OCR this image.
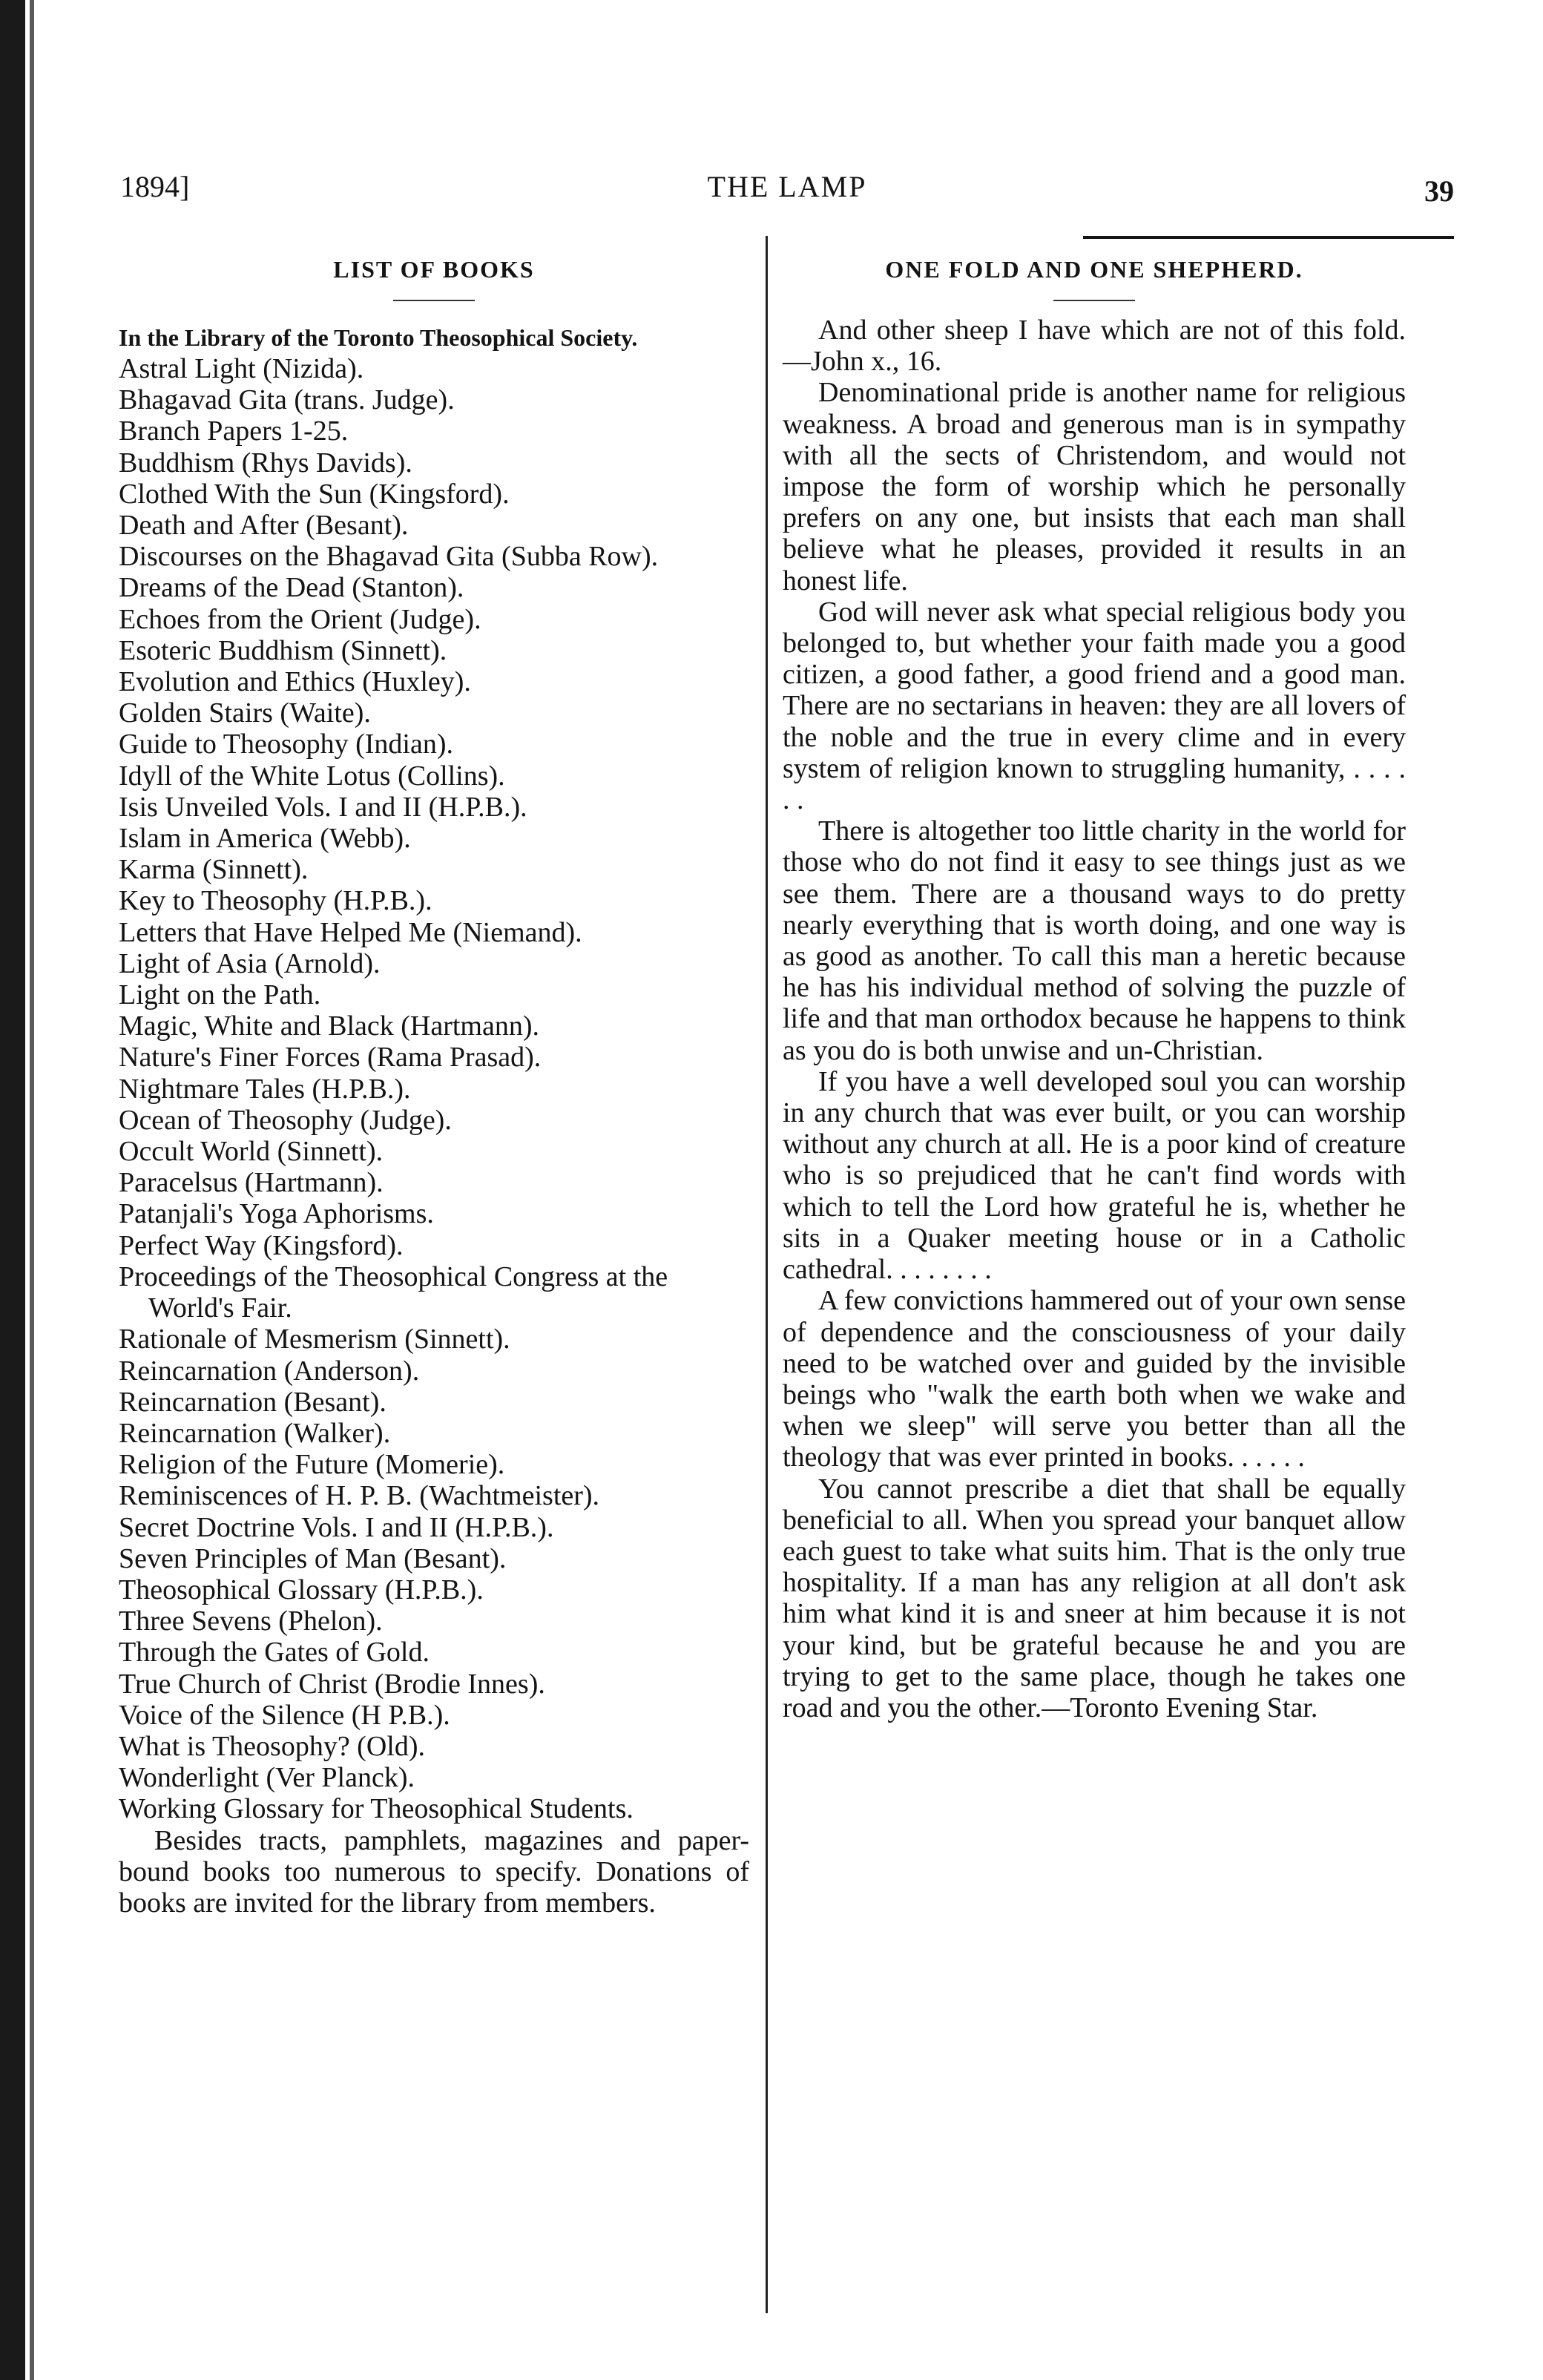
1894]	THE LAMP	39
LIST OF BOOKS
In the Library of the Toronto Theosophical Society.
Astral Light (Nizida).
Bhagavad Gita (trans. Judge).
Branch Papers 1-25.
Buddhism (Rhys Davids).
Clothed With the Sun (Kingsford).
Death and After (Besant).
Discourses on the Bhagavad Gita (Subba Row).
Dreams of the Dead (Stanton).
Echoes from the Orient (Judge).
Esoteric Buddhism (Sinnett).
Evolution and Ethics (Huxley).
Golden Stairs (Waite).
Guide to Theosophy (Indian).
Idyll of the White Lotus (Collins).
Isis Unveiled Vols. I and II (H.P.B.).
Islam in America (Webb).
Karma (Sinnett).
Key to Theosophy (H.P.B.).
Letters that Have Helped Me (Niemand).
Light of Asia (Arnold).
Light on the Path.
Magic, White and Black (Hartmann).
Nature's Finer Forces (Rama Prasad).
Nightmare Tales (H.P.B.).
Ocean of Theosophy (Judge).
Occult World (Sinnett).
Paracelsus (Hartmann).
Patanjali's Yoga Aphorisms.
Perfect Way (Kingsford).
Proceedings of the Theosophical Congress at the World's Fair.
Rationale of Mesmerism (Sinnett).
Reincarnation (Anderson).
Reincarnation (Besant).
Reincarnation (Walker).
Religion of the Future (Momerie).
Reminiscences of H. P. B. (Wachtmeister).
Secret Doctrine Vols. I and II (H.P.B.).
Seven Principles of Man (Besant).
Theosophical Glossary (H.P.B.).
Three Sevens (Phelon).
Through the Gates of Gold.
True Church of Christ (Brodie Innes).
Voice of the Silence (H P.B.).
What is Theosophy? (Old).
Wonderlight (Ver Planck).
Working Glossary for Theosophical Students.

Besides tracts, pamphlets, magazines and paper-bound books too numerous to specify. Donations of books are invited for the library from members.

ONE FOLD AND ONE SHEPHERD.

And other sheep I have which are not of this fold.—John x., 16.

Denominational pride is another name for religious weakness. A broad and generous man is in sympathy with all the sects of Christendom, and would not impose the form of worship which he personally prefers on any one, but insists that each man shall believe what he pleases, provided it results in an honest life.

God will never ask what special religious body you belonged to, but whether your faith made you a good citizen, a good father, a good friend and a good man. There are no sectarians in heaven: they are all lovers of the noble and the true in every clime and in every system of religion known to struggling humanity, . . . . . .

There is altogether too little charity in the world for those who do not find it easy to see things just as we see them. There are a thousand ways to do pretty nearly everything that is worth doing, and one way is as good as another. To call this man a heretic because he has his individual method of solving the puzzle of life and that man orthodox because he happens to think as you do is both unwise and un-Christian.

If you have a well developed soul you can worship in any church that was ever built, or you can worship without any church at all. He is a poor kind of creature who is so prejudiced that he can't find words with which to tell the Lord how grateful he is, whether he sits in a Quaker meeting house or in a Catholic cathedral. . . . . . . .

A few convictions hammered out of your own sense of dependence and the consciousness of your daily need to be watched over and guided by the invisible beings who "walk the earth both when we wake and when we sleep" will serve you better than all the theology that was ever printed in books. . . . . .

You cannot prescribe a diet that shall be equally beneficial to all. When you spread your banquet allow each guest to take what suits him. That is the only true hospitality. If a man has any religion at all don't ask him what kind it is and sneer at him because it is not your kind, but be grateful because he and you are trying to get to the same place, though he takes one road and you the other.—Toronto Evening Star.
